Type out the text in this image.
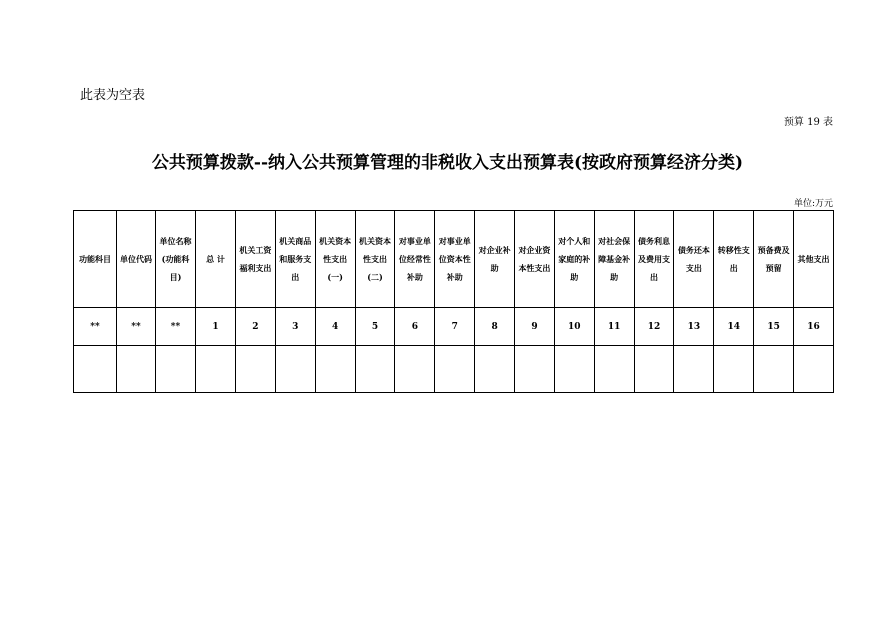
此表为空表
预算 19 表
公共预算拨款--纳入公共预算管理的非税收入支出预算表(按政府预算经济分类)
单位:万元
功能科目	单位代码	单位名称(功能科目)	总 计	机关工资福利支出	机关商品和服务支出	机关资本性支出(一)	机关资本性支出(二)	对事业单位经常性补助	对事业单位资本性补助	对企业补助	对企业资本性支出	对个人和家庭的补助	对社会保障基金补助	债务利息及费用支出	债务还本支出	转移性支出	预备费及预留	其他支出
**	**	**	1	2	3	4	5	6	7	8	9	10	11	12	13	14	15	16
